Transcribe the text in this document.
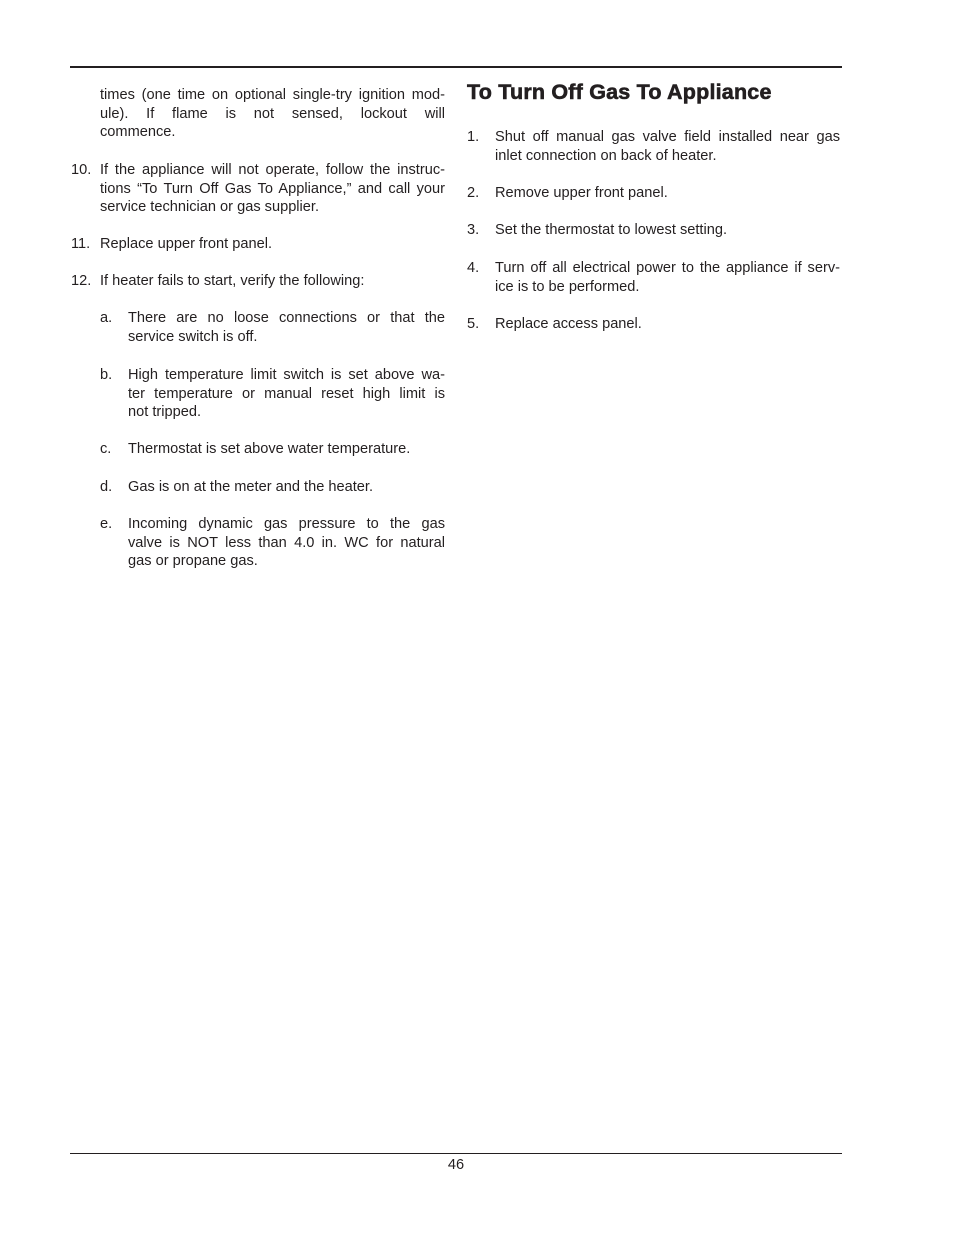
times (one time on optional single-try ignition mod-
ule). If flame is not sensed, lockout will
commence.
10. If the appliance will not operate, follow the instruc-
tions “To Turn Off Gas To Appliance,” and call your
service technician or gas supplier.
11. Replace upper front panel.
12. If heater fails to start, verify the following:
a. There are no loose connections or that the
service switch is off.
b. High temperature limit switch is set above wa-
ter temperature or manual reset high limit is
not tripped.
c. Thermostat is set above water temperature.
d. Gas is on at the meter and the heater.
e. Incoming dynamic gas pressure to the gas
valve is NOT less than 4.0 in. WC for natural
gas or propane gas.
To Turn Off Gas To Appliance
1. Shut off manual gas valve field installed near gas
inlet connection on back of heater.
2. Remove upper front panel.
3. Set the thermostat to lowest setting.
4. Turn off all electrical power to the appliance if serv-
ice is to be performed.
5. Replace access panel.
46
